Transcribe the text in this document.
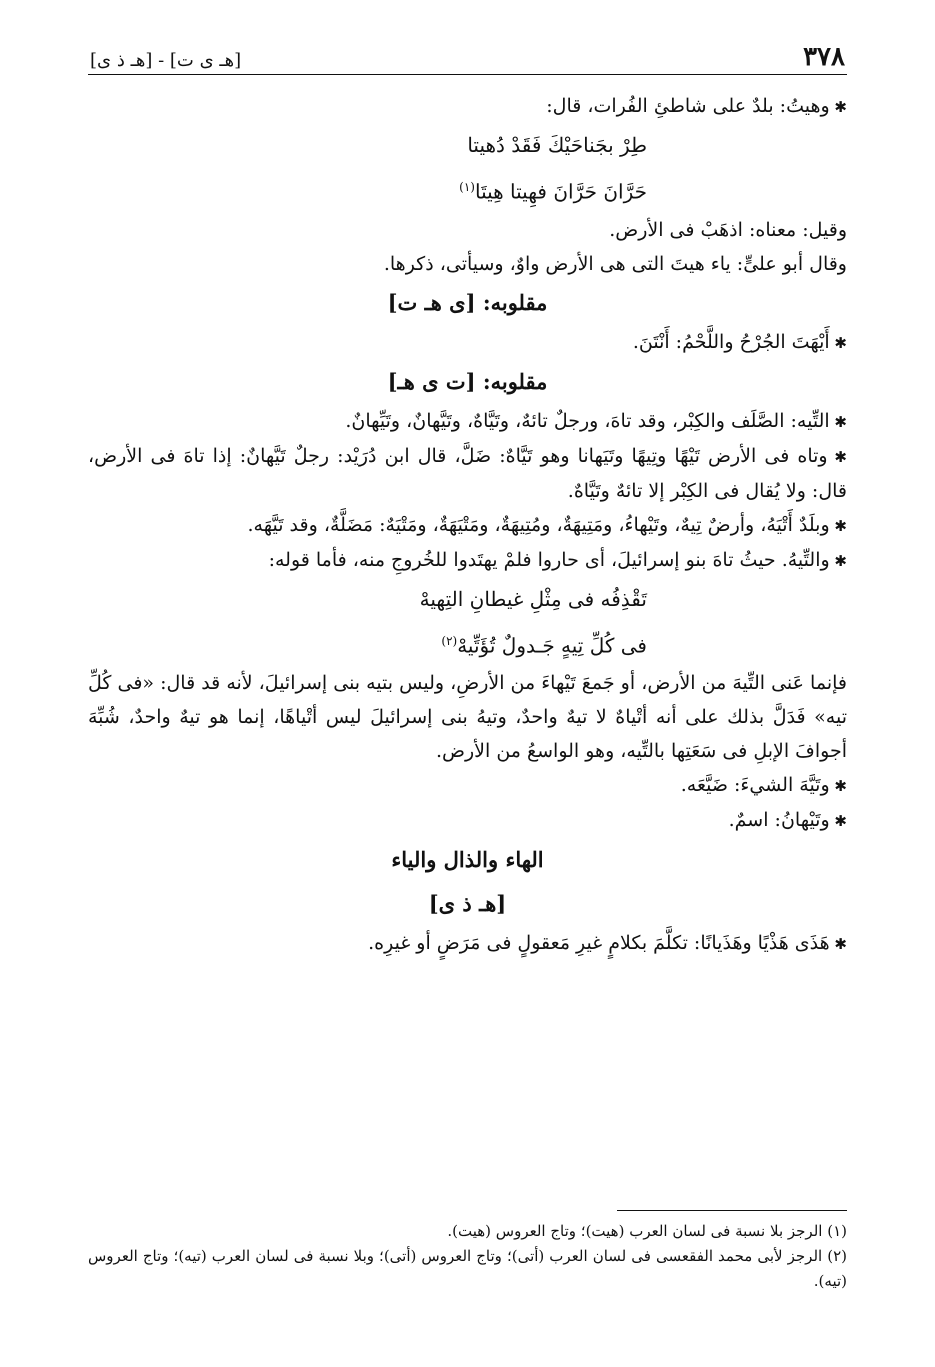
٣٧٨
[هـ ى ت] - [هـ ذ ى]

✱ وهيتُ: بلدٌ على شاطئِ الفُرات، قال:

طِرْ بجَناحَيْكَ فَقَدْ دُهيتا
حَرَّانَ حَرَّانَ فهِيتا هِيتَا$^{(١)}$

وقيل: معناه: اذهَبْ فى الأرض.

وقال أبو علىٍّ: ياء هيتَ التى هى الأرض واوٌ، وسيأتى، ذكرها.

مقلوبه: [ى هـ ت]

✱ أَيْهَتَ الجُرْحُ واللَّحْمُ: أَنْتَنَ.

مقلوبه: [ت ى هـ]

✱ التِّيه: الصَّلَف والكِبْر، وقد تاهَ، ورجلٌ تائهٌ، وتَيَّاهٌ، وتَيَّهانٌ، وتَيِّهانٌ.

✱ وتاه فى الأرض تَيْهًا وتِيهًا وتَيَهانا وهو تَيَّاهٌ: ضَلَّ، قال ابن دُرَيْد: رجلٌ تَيَّهانٌ: إذا تاهَ فى الأرض، قال: ولا يُقال فى الكِبْر إلا تائهٌ وتَيَّاهٌ.

✱ وبلَدٌ أَتْيَهُ، وأرضٌ تِيهٌ، وتَيْهاءُ، ومَتِيهَةٌ، ومُتِيهَةٌ، ومَتْيَهَةٌ، ومَتْيَهٌ: مَضَلَّةٌ، وقد تَيَّهَه.

✱ والتِّيهُ. حيثُ تاهَ بنو إسرائيلَ، أى حاروا فلمْ يهتَدوا للخُروجِ منه، فأما قوله:

تَقْذِفُه فى مِثْلِ غيطانِ التِهيهْ
فى كُلِّ تِيهٍ جَـدولٌ تُؤَتِّيهْ$^{(٢)}$

فإنما عَنى التِّيهَ من الأرض، أو جَمعَ تَيْهاءَ من الأرضِ، وليس بتيه بنى إسرائيلَ، لأنه قد قال: «فى كُلِّ تيه» فَدَلَّ بذلك على أنه أتْياهٌ لا تيهٌ واحدٌ، وتيهُ بنى إسرائيلَ ليس أتْياهًا، إنما هو تيهٌ واحدٌ، شُبِّهَ أجوافَ الإبلِ فى سَعَتِها بالتِّيه، وهو الواسعُ من الأرض.

✱ وتَيَّهَ الشيءَ: ضَيَّعَه.

✱ وتَيْهانُ: اسمٌ.

الهاء والذال والياء
[هـ ذ ى]

✱ هَذَى هَذْيًا وهَذَيانًا: تكلَّمَ بكلامٍ غيرِ مَعقولٍ فى مَرَضٍ أو غيرِه.

(١) الرجز بلا نسبة فى لسان العرب (هيت)؛ وتاج العروس (هيت).

(٢) الرجز لأبى محمد الفقعسى فى لسان العرب (أتى)؛ وتاج العروس (أتى)؛ وبلا نسبة فى لسان العرب (تيه)؛ وتاج العروس (تيه).
